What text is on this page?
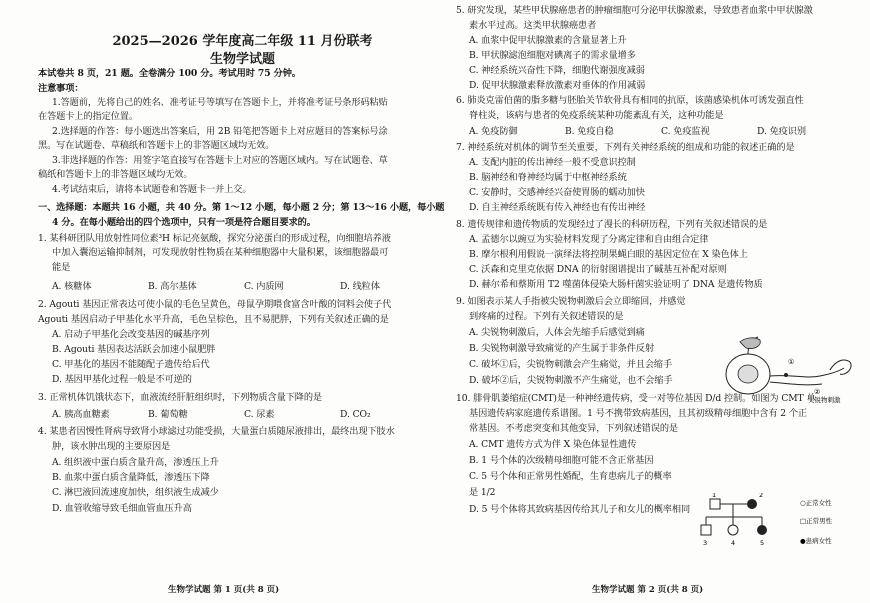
2025—2026 学年度高二年级 11 月份联考
生物学试题
本试卷共 8 页，21 题。全卷满分 100 分。考试用时 75 分钟。
注意事项：
1.答题前，先将自己的姓名、准考证号等填写在答题卡上，并将准考证号条形码粘贴
在答题卡上的指定位置。
2.选择题的作答：每小题选出答案后，用 2B 铅笔把答题卡上对应题目的答案标号涂
黑。写在试题卷、草稿纸和答题卡上的非答题区域均无效。
3.非选择题的作答：用签字笔直接写在答题卡上对应的答题区域内。写在试题卷、草
稿纸和答题卡上的非答题区域均无效。
4.考试结束后，请将本试题卷和答题卡一并上交。
一、选择题：本题共 16 小题，共 40 分。第 1～12 小题，每小题 2 分；第 13～16 小题，每小题
4 分。在每小题给出的四个选项中，只有一项是符合题目要求的。
1. 某科研团队用放射性同位素³H 标记亮氨酸，探究分泌蛋白的形成过程，向细胞培养液
中加入囊泡运输抑制剂，可发现放射性物质在某种细胞器中大量积累，该细胞器最可
能是
A. 核糖体	B. 高尔基体	C. 内质网	D. 线粒体
2. Agouti 基因正常表达可使小鼠的毛色呈黄色，母鼠孕期喂食富含叶酸的饲料会使子代
Agouti 基因启动子甲基化水平升高，毛色呈棕色，且不易肥胖，下列有关叙述正确的是
A. 启动子甲基化会改变基因的碱基序列
B. Agouti 基因表达活跃会加速小鼠肥胖
C. 甲基化的基因不能随配子遗传给后代
D. 基因甲基化过程一般是不可逆的
3. 正常机体饥饿状态下，血液流经肝脏组织时，下列物质含量下降的是
A. 胰高血糖素	B. 葡萄糖	C. 尿素	D. CO₂
4. 某患者因慢性肾病导致肾小球滤过功能受损，大量蛋白质随尿液排出，最终出现下肢水
肿，该水肿出现的主要原因是
A. 组织液中蛋白质含量升高，渗透压上升
B. 血浆中蛋白质含量降低，渗透压下降
C. 淋巴液回流速度加快，组织液生成减少
D. 血管收缩导致毛细血管血压升高
生物学试题 第 1 页(共 8 页)
5. 研究发现，某些甲状腺癌患者的肿瘤细胞可分泌甲状腺激素，导致患者血浆中甲状腺激
素水平过高。这类甲状腺癌患者
A. 血浆中促甲状腺激素的含量显著上升
B. 甲状腺滤泡细胞对碘离子的需求量增多
C. 神经系统兴奋性下降，细胞代谢强度减弱
D. 促甲状腺激素释放激素对垂体的作用减弱
6. 肺炎克雷伯菌的脂多糖与胚胎关节软骨具有相同的抗原，该菌感染机体可诱发强直性
脊柱炎，该病与患者的免疫系统某种功能紊乱有关，这种功能是
A. 免疫防御	B. 免疫自稳	C. 免疫监视	D. 免疫识别
7. 神经系统对机体的调节至关重要，下列有关神经系统的组成和功能的叙述正确的是
A. 支配内脏的传出神经一般不受意识控制
B. 脑神经和脊神经均属于中枢神经系统
C. 安静时，交感神经兴奋使胃肠的蠕动加快
D. 自主神经系统既有传入神经也有传出神经
8. 遗传规律和遗传物质的发现经过了漫长的科研历程，下列有关叙述错误的是
A. 孟德尔以豌豆为实验材料发现了分离定律和自由组合定律
B. 摩尔根利用假说一演绎法将控制果蝇白眼的基因定位在 X 染色体上
C. 沃森和克里克依据 DNA 的衍射图谱提出了碱基互补配对原则
D. 赫尔希和蔡斯用 T2 噬菌体侵染大肠杆菌实验证明了 DNA 是遗传物质
9. 如图表示某人手指被尖锐物刺激后会立即缩回，并感觉
到疼痛的过程。下列有关叙述错误的是
A. 尖锐物刺激后，人体会先缩手后感觉到痛
B. 尖锐物刺激导致痛觉的产生属于非条件反射
C. 破坏①后，尖锐物刺激会产生痛觉，并且会缩手
D. 破坏②后，尖锐物刺激不产生痛觉，也不会缩手
①
②
尖锐物刺激
10. 腓骨肌萎缩症(CMT)是一种神经遗传病，受一对等位基因 D/d 控制。如图为 CMT 单
基因遗传病家庭遗传系谱图。1 号不携带致病基因，且其初级精母细胞中含有 2 个正
常基因。不考虑突变和其他变异，下列叙述错误的是
A. CMT 遗传方式为伴 X 染色体显性遗传
B. 1 号个体的次级精母细胞可能不含正常基因
C. 5 号个体和正常男性婚配，生育患病儿子的概率
是 1/2
D. 5 号个体将其致病基因传给其儿子和女儿的概率相同
1	2
3	4	5
○正常女性
□正常男性
●患病女性
生物学试题 第 2 页(共 8 页)
